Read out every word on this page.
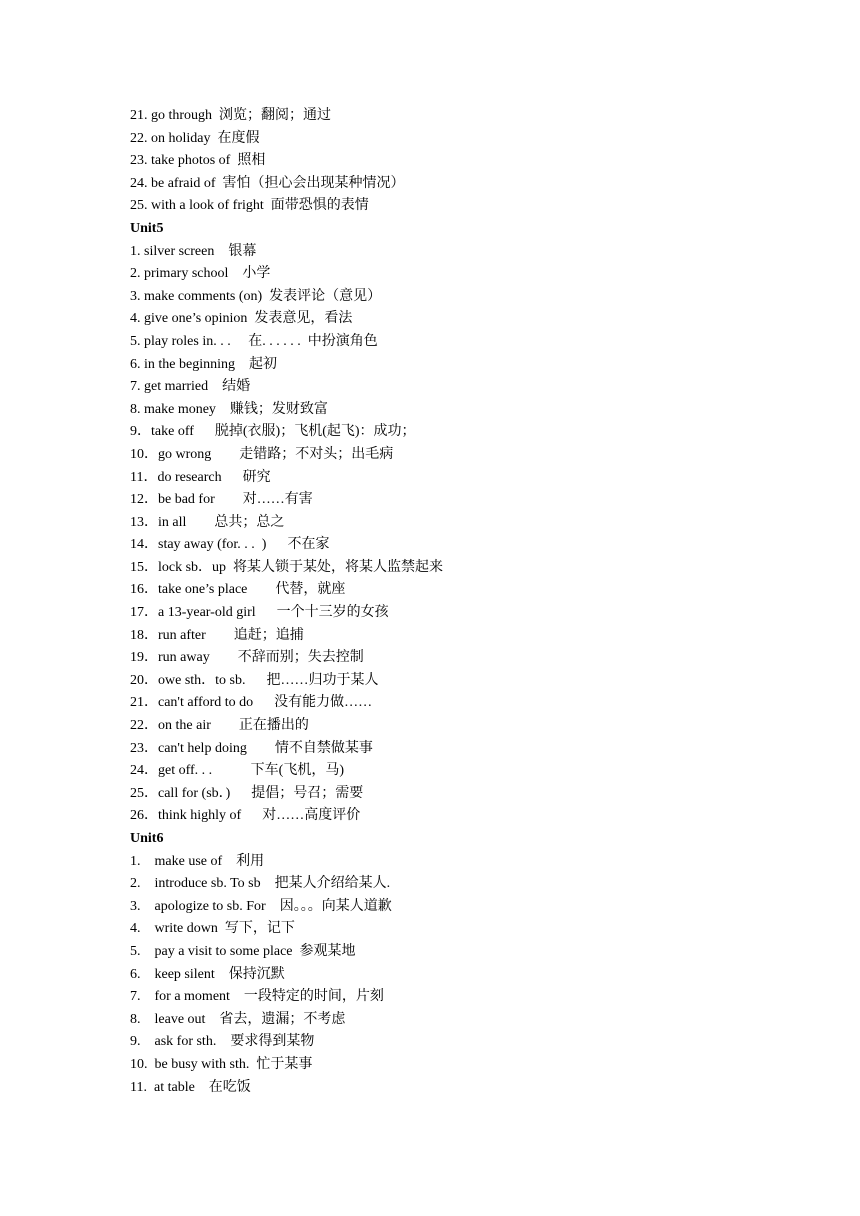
21. go through  浏览；翻阅；通过
22. on holiday  在度假
23. take photos of  照相
24. be afraid of  害怕（担心会出现某种情况）
25. with a look of fright  面带恐惧的表情
Unit5
1. silver screen    银幕
2. primary school    小学
3. make comments (on)  发表评论（意见）
4. give one’s opinion  发表意见，看法
5. play roles in. . .     在. . . . . .  中扮演角色
6. in the beginning    起初
7. get married    结婚
8. make money    赚钱；发财致富
9．take off      脱掉(衣服)；飞机(起飞)：成功；
10．go wrong        走错路；不对头；出毛病
11．do research      研究
12．be bad for        对……有害
13．in all        总共；总之
14．stay away (for. . .  )      不在家
15．lock sb．up  将某人锁于某处，将某人监禁起来
16．take one’s place        代替，就座
17．a 13-year-old girl      一个十三岁的女孩
18．run after        追赶；追捕
19．run away        不辞而别；失去控制
20．owe sth．to sb.      把……归功于某人
21．can't afford to do      没有能力做……
22．on the air        正在播出的
23．can't help doing        情不自禁做某事
24．get off. . .           下车(飞机，马)
25．call for (sb．)      提倡；号召；需要
26．think highly of      对……高度评价
Unit6
1.    make use of    利用
2.    introduce sb. To sb    把某人介绍给某人.
3.    apologize to sb. For    因。。。向某人道歉
4.    write down  写下，记下
5.    pay a visit to some place  参观某地
6.    keep silent    保持沉默
7.    for a moment    一段特定的时间，片刻
8.    leave out    省去，遗漏；不考虑
9.    ask for sth.    要求得到某物
10.  be busy with sth.  忙于某事
11.  at table    在吃饭
